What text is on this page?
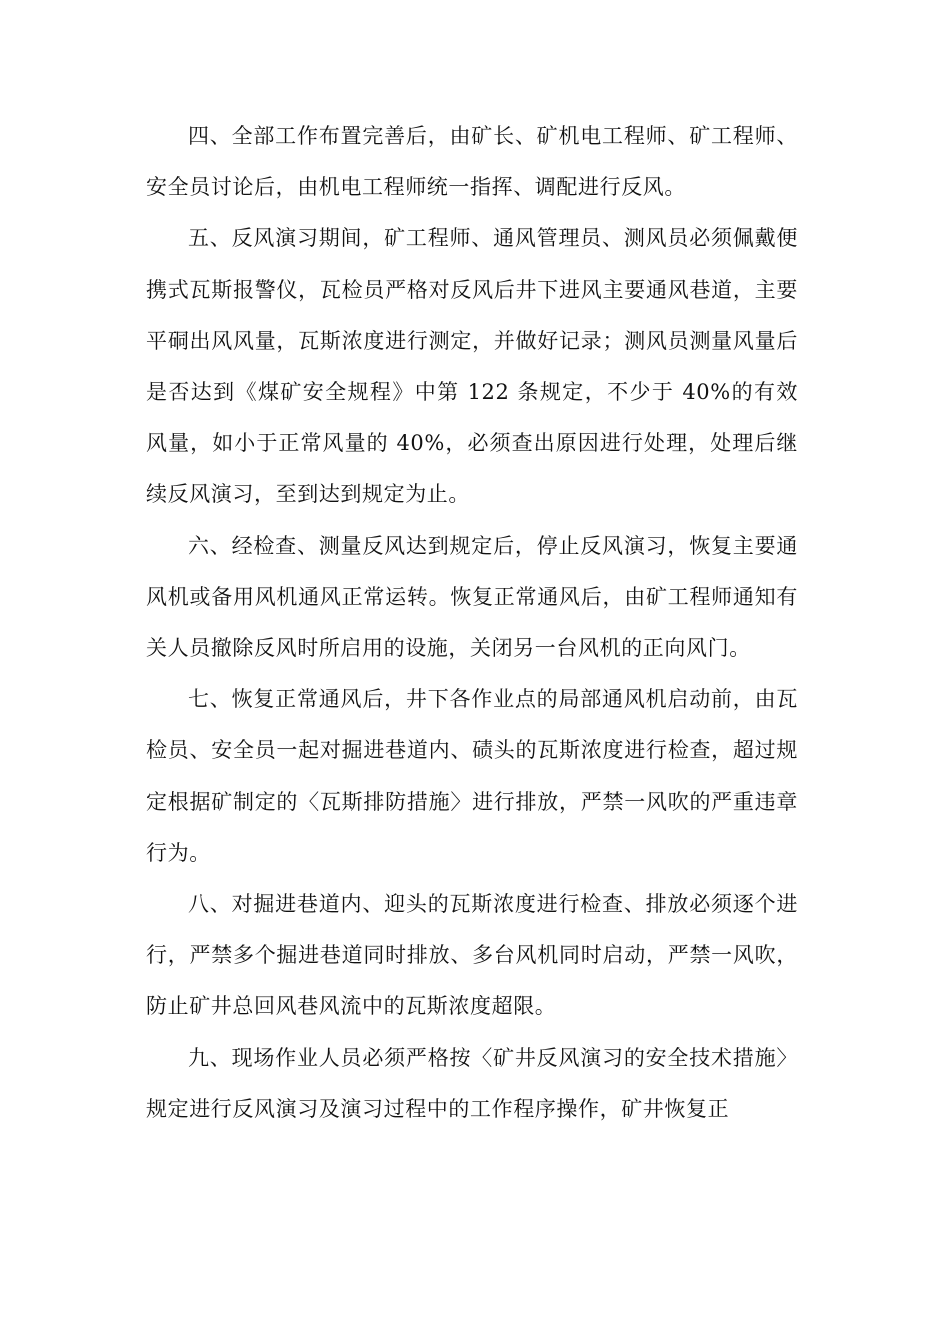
四、全部工作布置完善后，由矿长、矿机电工程师、矿工程师、安全员讨论后，由机电工程师统一指挥、调配进行反风。

五、反风演习期间，矿工程师、通风管理员、测风员必须佩戴便携式瓦斯报警仪，瓦检员严格对反风后井下进风主要通风巷道，主要平硐出风风量，瓦斯浓度进行测定，并做好记录；测风员测量风量后是否达到《煤矿安全规程》中第 122 条规定，不少于 40%的有效风量，如小于正常风量的 40%，必须查出原因进行处理，处理后继续反风演习，至到达到规定为止。

六、经检查、测量反风达到规定后，停止反风演习，恢复主要通风机或备用风机通风正常运转。恢复正常通风后，由矿工程师通知有关人员撤除反风时所启用的设施，关闭另一台风机的正向风门。

七、恢复正常通风后，井下各作业点的局部通风机启动前，由瓦检员、安全员一起对掘进巷道内、碛头的瓦斯浓度进行检查，超过规定根据矿制定的〈瓦斯排防措施〉进行排放，严禁一风吹的严重违章行为。

八、对掘进巷道内、迎头的瓦斯浓度进行检查、排放必须逐个进行，严禁多个掘进巷道同时排放、多台风机同时启动，严禁一风吹，防止矿井总回风巷风流中的瓦斯浓度超限。

九、现场作业人员必须严格按〈矿井反风演习的安全技术措施〉规定进行反风演习及演习过程中的工作程序操作，矿井恢复正
